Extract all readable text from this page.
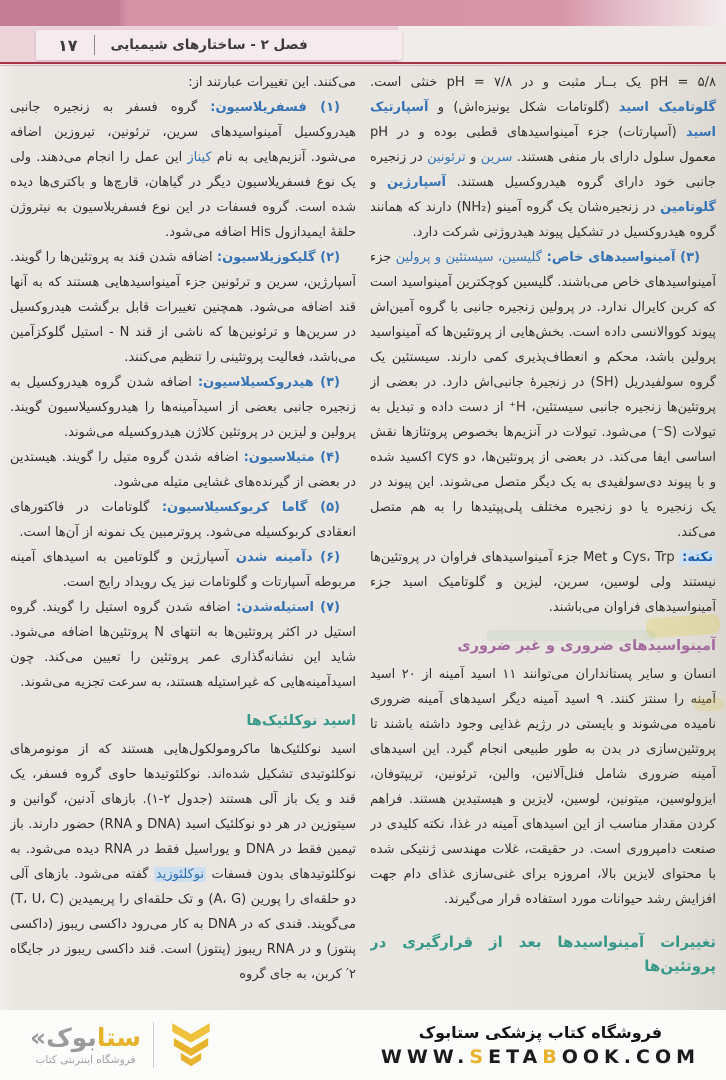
۱۷ فصل ۲ - ساختارهای شیمیایی

pH = ۵/۸ یک بــار مثبت و در pH = ۷/۸ خنثی است. گلوتامیک اسید (گلوتامات شکل یونیزه‌اش) و آسپارتیک اسید (آسپارتات) جزء آمینواسیدهای قطبی بوده و در pH معمول سلول دارای بار منفی هستند. سرین و ترئونین در زنجیره جانبی خود دارای گروه هیدروکسیل هستند. آسپارژین و گلوتامین در زنجیره‌شان یک گروه آمینو (NH₂) دارند که همانند گروه هیدروکسیل در تشکیل پیوند هیدروژنی شرکت دارد.

(۳) آمینواسیدهای خاص: گلیسین، سیستئین و پرولین جزء آمینواسیدهای خاص می‌باشند. گلیسین کوچکترین آمینواسید است که کربن کایرال ندارد. در پرولین زنجیره جانبی با گروه آمین‌اش پیوند کووالانسی داده است. بخش‌هایی از پروتئین‌ها که آمینواسید پرولین باشد، محکم و انعطاف‌پذیری کمی دارند. سیستئین یک گروه سولفیدریل (SH) در زنجیرهٔ جانبی‌اش دارد. در بعضی از پروتئین‌ها زنجیره جانبی سیستئین، H⁺ از دست داده و تبدیل به تیولات (S⁻) می‌شود. تیولات در آنزیم‌ها بخصوص پروتئازها نقش اساسی ایفا می‌کند. در بعضی از پروتئین‌ها، دو cys اکسید شده و با پیوند دی‌سولفیدی به یک دیگر متصل می‌شوند. این پیوند در یک زنجیره یا دو زنجیره مختلف پلی‌پپتیدها را به هم متصل می‌کند.

نکته: Cys، Trp و Met جزء آمینواسیدهای فراوان در پروتئین‌ها نیستند ولی لوسین، سرین، لیزین و گلوتامیک اسید جزء آمینواسیدهای فراوان می‌باشند.

آمینواسیدهای ضروری و غیر ضروری

انسان و سایر پستانداران می‌توانند ۱۱ اسید آمینه از ۲۰ اسید آمینه را سنتز کنند. ۹ اسید آمینه دیگر اسیدهای آمینه ضروری نامیده می‌شوند و بایستی در رژیم غذایی وجود داشته باشند تا پروتئین‌سازی در بدن به طور طبیعی انجام گیرد. این اسیدهای آمینه ضروری شامل فنل‌آلانین، والین، ترئونین، تریپتوفان، ایزولوسین، میتونین، لوسین، لایزین و هیستیدین هستند. فراهم کردن مقدار مناسب از این اسیدهای آمینه در غذا، نکته کلیدی در صنعت دامپروری است. در حقیقت، غلات مهندسی ژنتیکی شده با محتوای لایزین بالا، امروزه برای غنی‌سازی غذای دام جهت افزایش رشد حیوانات مورد استفاده قرار می‌گیرند.

تغییرات آمینواسیدها بعد از قرارگیری در پروتئین‌ها

می‌کنند. این تغییرات عبارتند از:

(۱) فسفریلاسیون: گروه فسفر به زنجیره جانبی هیدروکسیل آمینواسیدهای سرین، ترئونین، تیروزین اضافه می‌شود. آنزیم‌هایی به نام کیناز این عمل را انجام می‌دهند. ولی یک نوع فسفریلاسیون دیگر در گیاهان، قارچ‌ها و باکتری‌ها دیده شده است. گروه فسفات در این نوع فسفریلاسیون به نیتروژن حلقهٔ ایمیدازول His اضافه می‌شود.

(۲) گلیکوزیلاسیون: اضافه شدن قند به پروتئین‌ها را گویند. آسپارژین، سرین و ترئونین جزء آمینواسیدهایی هستند که به آنها قند اضافه می‌شود. همچنین تغییرات قابل برگشت هیدروکسیل در سرین‌ها و ترئونین‌ها که ناشی از قند N - استیل گلوکزآمین می‌باشد، فعالیت پروتئینی را تنظیم می‌کنند.

(۳) هیدروکسیلاسیون: اضافه شدن گروه هیدروکسیل به زنجیره جانبی بعضی از اسیدآمینه‌ها را هیدروکسیلاسیون گویند. پرولین و لیزین در پروتئین کلاژن هیدروکسیله می‌شوند.

(۴) متیلاسیون: اضافه شدن گروه متیل را گویند. هیستدین در بعضی از گیرنده‌های غشایی متیله می‌شود.

(۵) گاما کربوکسیلاسیون: گلوتامات در فاکتورهای انعقادی کربوکسیله می‌شود. پروترمبین یک نمونه از آن‌ها است.

(۶) دآمینه شدن آسپارژین و گلوتامین به اسیدهای آمینه مربوطه آسپارتات و گلوتامات نیز یک رویداد رایج است.

(۷) استیله‌شدن: اضافه شدن گروه استیل را گویند. گروه استیل در اکثر پروتئین‌ها به انتهای N پروتئین‌ها اضافه می‌شود. شاید این نشانه‌گذاری عمر پروتئین را تعیین می‌کند. چون اسیدآمینه‌هایی که غیراستیله هستند، به سرعت تجزیه می‌شوند.

اسید نوکلئیک‌ها

اسید نوکلئیک‌ها ماکرومولکول‌هایی هستند که از مونومرهای نوکلئوتیدی تشکیل شده‌اند. نوکلئوتیدها حاوی گروه فسفر، یک قند و یک باز آلی هستند (جدول ۲-۱). بازهای آدنین، گوانین و سیتوزین در هر دو نوکلئیک اسید (DNA و RNA) حضور دارند. باز تیمین فقط در DNA و یوراسیل فقط در RNA دیده می‌شود. به نوکلئوتیدهای بدون فسفات نوکلئوزید گفته می‌شود. بازهای آلی دو حلقه‌ای را پورین (A، G) و تک حلقه‌ای را پریمیدین (T، U، C) می‌گویند. قندی که در DNA به کار می‌رود داکسی ریبوز (داکسی پنتوز) و در RNA ریبوز (پنتوز) است. قند داکسی ریبوز در جایگاه ۲′ کربن، به جای گروه

« بوک ستا
فروشگاه اینترنتی کتاب
فروشگاه کتاب پزشکی ستابوک
WWW.SETABOOK.COM
